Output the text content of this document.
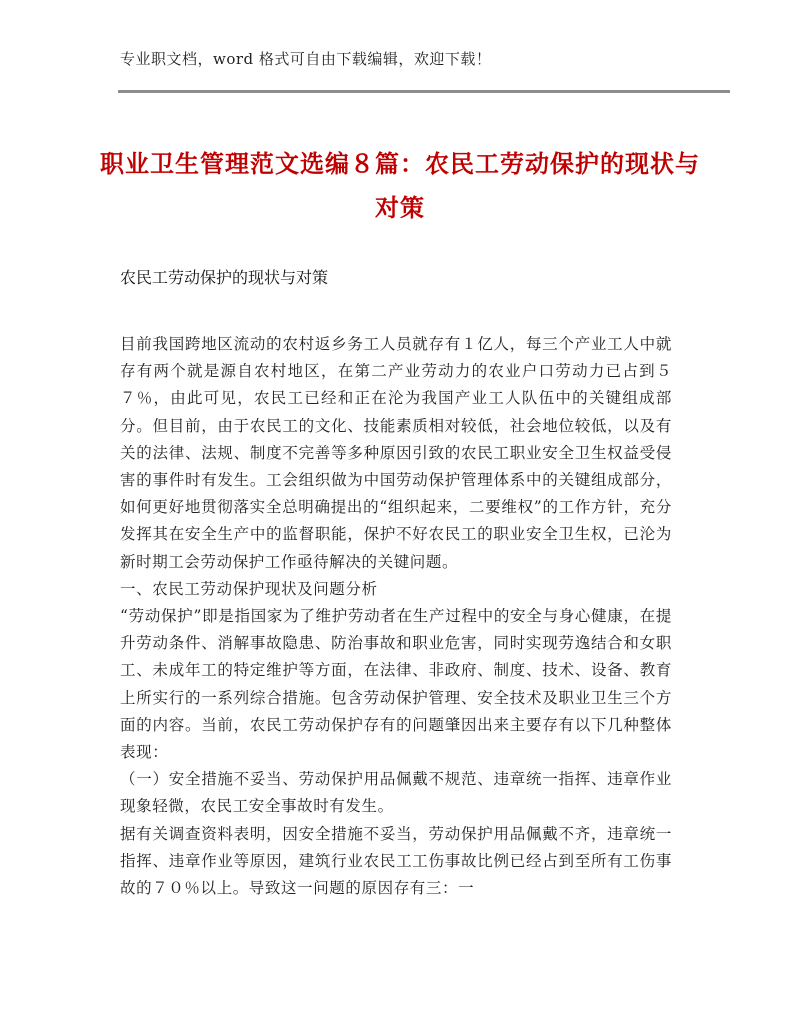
专业职文档，word 格式可自由下载编辑，欢迎下载！
职业卫生管理范文选编８篇：农民工劳动保护的现状与对策
农民工劳动保护的现状与对策

目前我国跨地区流动的农村返乡务工人员就存有１亿人，每三个产业工人中就存有两个就是源自农村地区，在第二产业劳动力的农业户口劳动力已占到５７％，由此可见，农民工已经和正在沦为我国产业工人队伍中的关键组成部分。但目前，由于农民工的文化、技能素质相对较低，社会地位较低，以及有关的法律、法规、制度不完善等多种原因引致的农民工职业安全卫生权益受侵害的事件时有发生。工会组织做为中国劳动保护管理体系中的关键组成部分，如何更好地贯彻落实全总明确提出的“组织起来，二要维权”的工作方针，充分发挥其在安全生产中的监督职能，保护不好农民工的职业安全卫生权，已沦为新时期工会劳动保护工作亟待解决的关键问题。

一、农民工劳动保护现状及问题分析

“劳动保护”即是指国家为了维护劳动者在生产过程中的安全与身心健康，在提升劳动条件、消解事故隐患、防治事故和职业危害，同时实现劳逸结合和女职工、未成年工的特定维护等方面，在法律、非政府、制度、技术、设备、教育上所实行的一系列综合措施。包含劳动保护管理、安全技术及职业卫生三个方面的内容。当前，农民工劳动保护存有的问题肇因出来主要存有以下几种整体表现：

（一）安全措施不妥当、劳动保护用品佩戴不规范、违章统一指挥、违章作业现象轻微，农民工安全事故时有发生。

据有关调查资料表明，因安全措施不妥当，劳动保护用品佩戴不齐，违章统一指挥、违章作业等原因，建筑行业农民工工伤事故比例已经占到至所有工伤事故的７０％以上。导致这一问题的原因存有三：一
